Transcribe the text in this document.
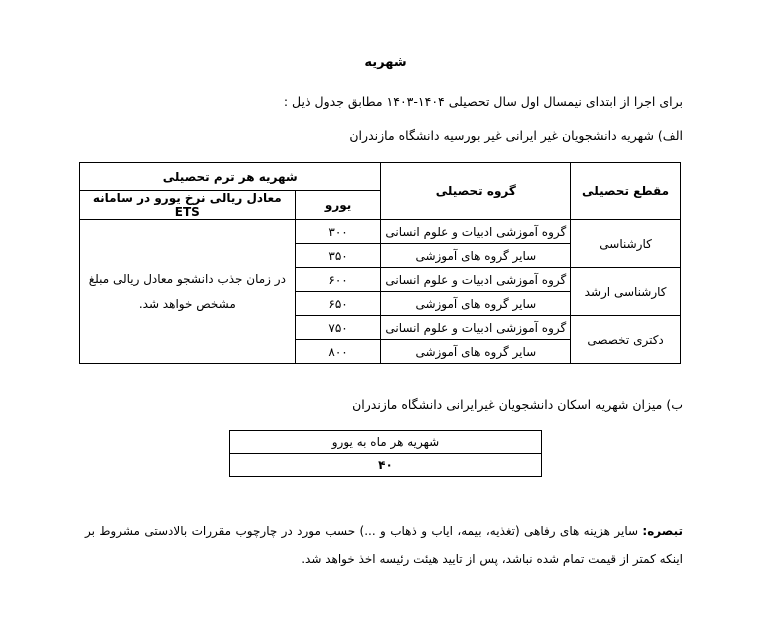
شهریه
برای اجرا از ابتدای نیمسال اول سال تحصیلی ۱۴۰۴-۱۴۰۳ مطابق جدول ذیل :
الف) شهریه دانشجویان غیر ایرانی غیر بورسیه دانشگاه مازندران
مقطع تحصیلی	گروه تحصیلی	شهریه هر ترم تحصیلی	
		یورو	معادل ریالی نرخ یورو در سامانه ETS
کارشناسی	گروه آموزشی ادبیات و علوم انسانی	۳۰۰	در زمان جذب دانشجو معادل ریالی مبلغ مشخص خواهد شد.
	سایر گروه های آموزشی	۳۵۰	
کارشناسی ارشد	گروه آموزشی ادبیات و علوم انسانی	۶۰۰	
	سایر گروه های آموزشی	۶۵۰	
دکتری تخصصی	گروه آموزشی ادبیات و علوم انسانی	۷۵۰	
	سایر گروه های آموزشی	۸۰۰	
ب) میزان شهریه اسکان دانشجویان غیرایرانی دانشگاه مازندران
شهریه هر ماه به یورو
۴۰
تبصره: سایر هزینه های رفاهی (تغذیه، بیمه، ایاب و ذهاب و ...) حسب مورد در چارچوب مقررات بالادستی مشروط بر اینکه کمتر از قیمت تمام شده نباشد، پس از تایید هیئت رئیسه اخذ خواهد شد.
